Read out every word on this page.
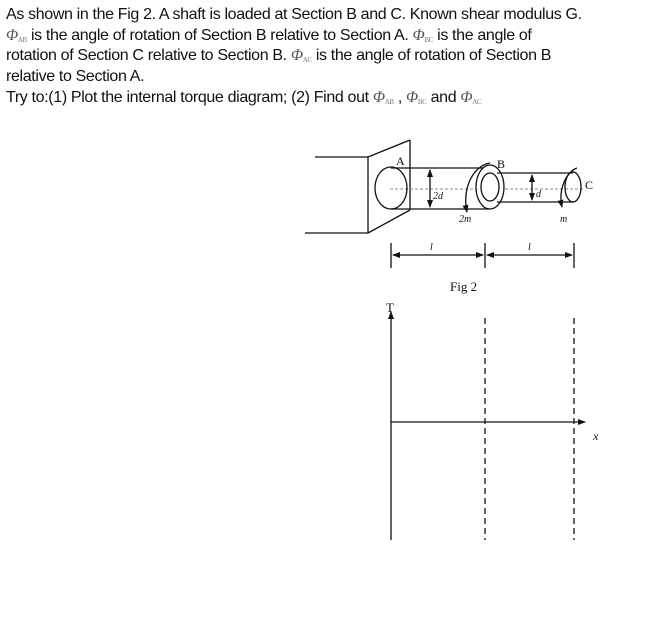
As shown in the Fig 2. A shaft is loaded at Section B and C. Known shear modulus G.
$\Phi_{AB}$ is the angle of rotation of Section B relative to Section A. $\Phi_{BC}$ is the angle of
rotation of Section C relative to Section B. $\Phi_{AC}$ is the angle of rotation of Section B
relative to Section A.
Try to:(1) Plot the internal torque diagram; (2) Find out $\Phi_{AB}$ , $\Phi_{BC}$ and $\Phi_{AC}$
A	B
C
2d	d
2m	m
l	l
Fig 2
T
x
